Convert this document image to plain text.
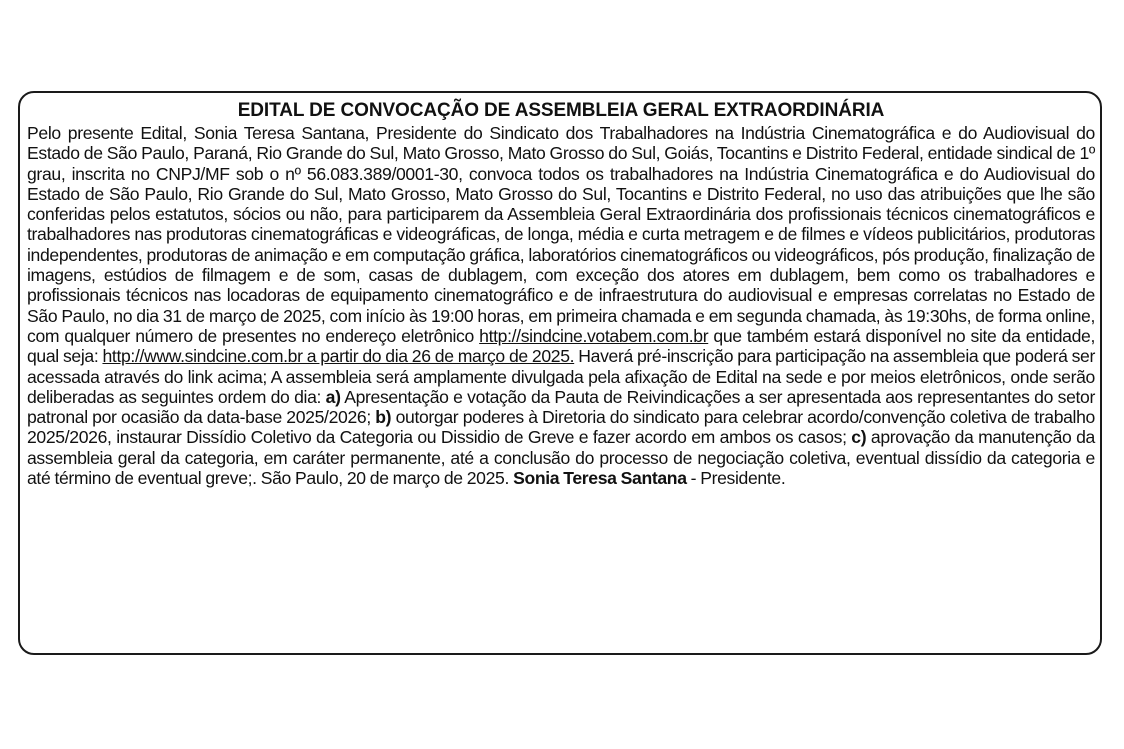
EDITAL DE CONVOCAÇÃO DE ASSEMBLEIA GERAL EXTRAORDINÁRIA

Pelo presente Edital, Sonia Teresa Santana, Presidente do Sindicato dos Trabalhadores na Indústria Cinematográfica e do Audiovisual do Estado de São Paulo, Paraná, Rio Grande do Sul, Mato Grosso, Mato Grosso do Sul, Goiás, Tocantins e Distrito Federal, entidade sindical de 1º grau, inscrita no CNPJ/MF sob o nº 56.083.389/0001-30, convoca todos os trabalhadores na Indústria Cinematográfica e do Audiovisual do Estado de São Paulo, Rio Grande do Sul, Mato Grosso, Mato Grosso do Sul, Tocantins e Distrito Federal, no uso das atribuições que lhe são conferidas pelos estatutos, sócios ou não, para participarem da Assembleia Geral Extraordinária dos profissionais técnicos cinematográficos e trabalhadores nas produtoras cinematográficas e videográficas, de longa, média e curta metragem e de filmes e vídeos publicitários, produtoras independentes, produtoras de animação e em computação gráfica, laboratórios cinematográficos ou videográficos, pós produção, finalização de imagens, estúdios de filmagem e de som, casas de dublagem, com exceção dos atores em dublagem, bem como os trabalhadores e profissionais técnicos nas locadoras de equipamento cinematográfico e de infraestrutura do audiovisual e empresas correlatas no Estado de São Paulo, no dia 31 de março de 2025, com início às 19:00 horas, em primeira chamada e em segunda chamada, às 19:30hs, de forma online, com qualquer número de presentes no endereço eletrônico http://sindcine.votabem.com.br que também estará disponível no site da entidade, qual seja: http://www.sindcine.com.br a partir do dia 26 de março de 2025. Haverá pré-inscrição para participação na assembleia que poderá ser acessada através do link acima; A assembleia será amplamente divulgada pela afixação de Edital na sede e por meios eletrônicos, onde serão deliberadas as seguintes ordem do dia: a) Apresentação e votação da Pauta de Reivindicações a ser apresentada aos representantes do setor patronal por ocasião da data-base 2025/2026; b) outorgar poderes à Diretoria do sindicato para celebrar acordo/convenção coletiva de trabalho 2025/2026, instaurar Dissídio Coletivo da Categoria ou Dissidio de Greve e fazer acordo em ambos os casos; c) aprovação da manutenção da assembleia geral da categoria, em caráter permanente, até a conclusão do processo de negociação coletiva, eventual dissídio da categoria e até término de eventual greve;. São Paulo, 20 de março de 2025. Sonia Teresa Santana - Presidente.
